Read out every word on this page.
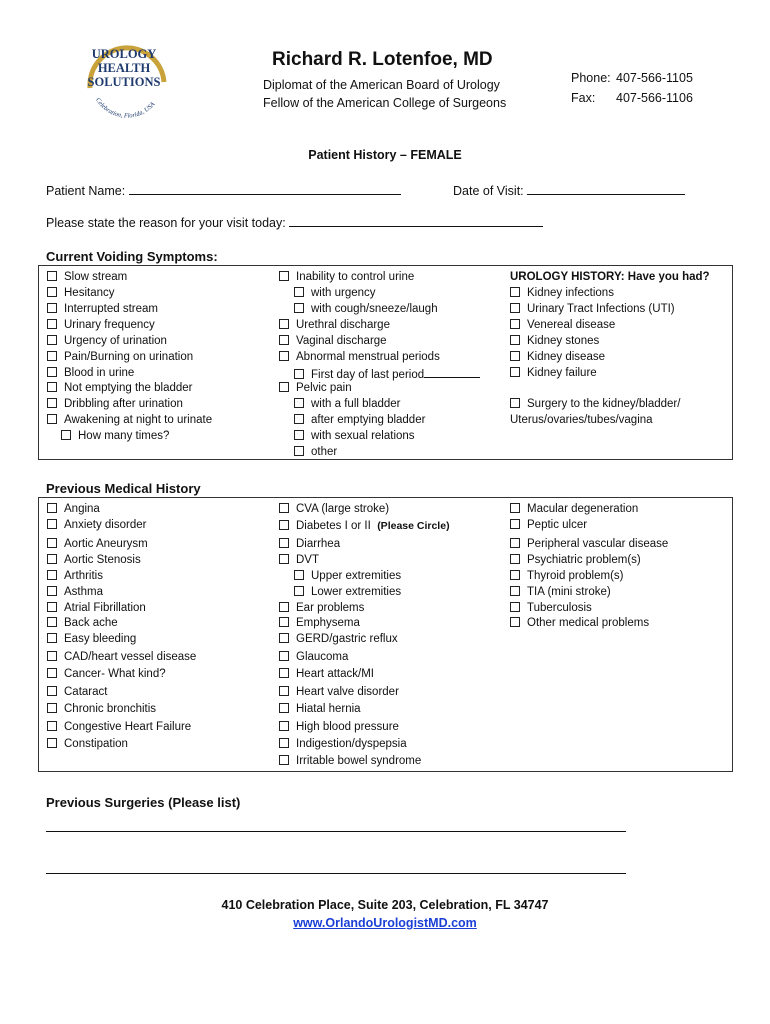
UROLOGY
HEALTH
SOLUTIONS
Celebration, Florida, USA
Richard R. Lotenfoe, MD
Diplomat of the American Board of Urology
Fellow of the American College of Surgeons
Phone: 407-566-1105
Fax: 407-566-1106
Patient History – FEMALE
Patient Name:	Date of Visit:
Please state the reason for your visit today:
Current Voiding Symptoms:
Slow stream
Hesitancy
Interrupted stream
Urinary frequency
Urgency of urination
Pain/Burning on urination
Blood in urine
Not emptying the bladder
Dribbling after urination
Awakening at night to urinate
How many times?
Inability to control urine
with urgency
with cough/sneeze/laugh
Urethral discharge
Vaginal discharge
Abnormal menstrual periods
First day of last period
Pelvic pain
with a full bladder
after emptying bladder
with sexual relations
other
UROLOGY HISTORY: Have you had?
Kidney infections
Urinary Tract Infections (UTI)
Venereal disease
Kidney stones
Kidney disease
Kidney failure
Surgery to the kidney/bladder/
Uterus/ovaries/tubes/vagina
Previous Medical History
Angina
Anxiety disorder
Aortic Aneurysm
Aortic Stenosis
Arthritis
Asthma
Atrial Fibrillation
Back ache
Easy bleeding
CAD/heart vessel disease
Cancer- What kind?
Cataract
Chronic bronchitis
Congestive Heart Failure
Constipation
CVA (large stroke)
Diabetes I or II (Please Circle)
Diarrhea
DVT
Upper extremities
Lower extremities
Ear problems
Emphysema
GERD/gastric reflux
Glaucoma
Heart attack/MI
Heart valve disorder
Hiatal hernia
High blood pressure
Indigestion/dyspepsia
Irritable bowel syndrome
Macular degeneration
Peptic ulcer
Peripheral vascular disease
Psychiatric problem(s)
Thyroid problem(s)
TIA (mini stroke)
Tuberculosis
Other medical problems
Previous Surgeries (Please list)
410 Celebration Place, Suite 203, Celebration, FL 34747
www.OrlandoUrologistMD.com
